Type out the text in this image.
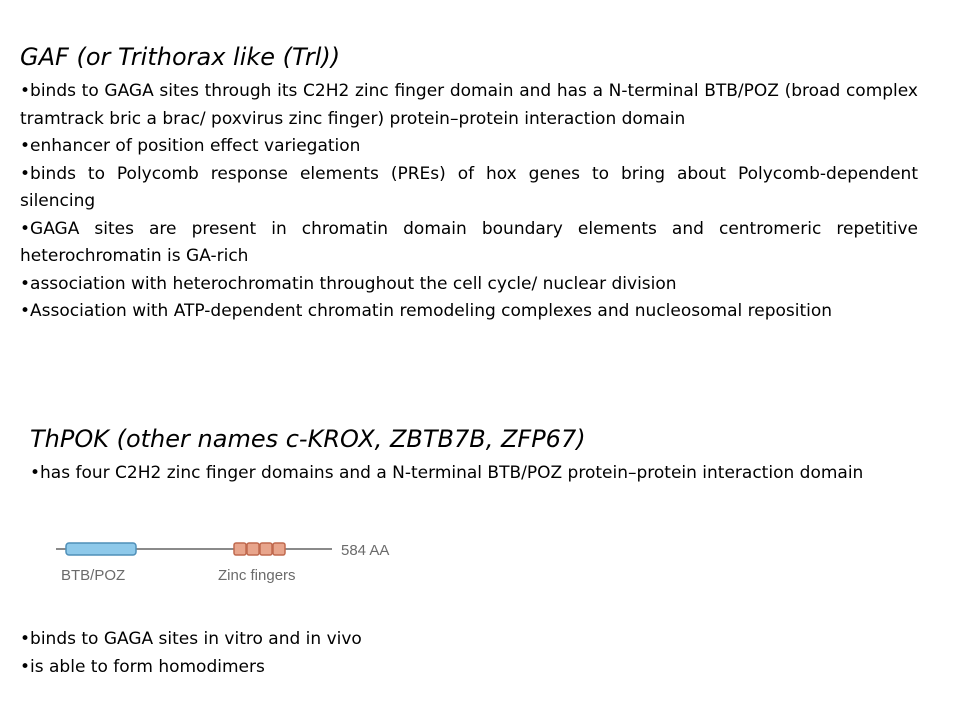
GAF (or Trithorax like (Trl))
•binds to GAGA sites through its C2H2 zinc finger domain and has a N-terminal BTB/POZ (broad complex tramtrack bric a brac/ poxvirus zinc finger) protein–protein interaction domain
•enhancer of position effect variegation
•binds to Polycomb response elements (PREs) of hox genes to bring about Polycomb-dependent silencing
•GAGA sites are present in chromatin domain boundary elements and centromeric repetitive heterochromatin is GA-rich
•association with heterochromatin throughout the cell cycle/ nuclear division
•Association with ATP-dependent chromatin remodeling complexes and nucleosomal reposition
ThPOK (other names c-KROX, ZBTB7B, ZFP67)
•has four C2H2 zinc finger domains and a N-terminal BTB/POZ protein–protein interaction domain
584 AA
BTB/POZ	Zinc fingers
•binds to GAGA sites in vitro and in vivo
•is able to form homodimers
